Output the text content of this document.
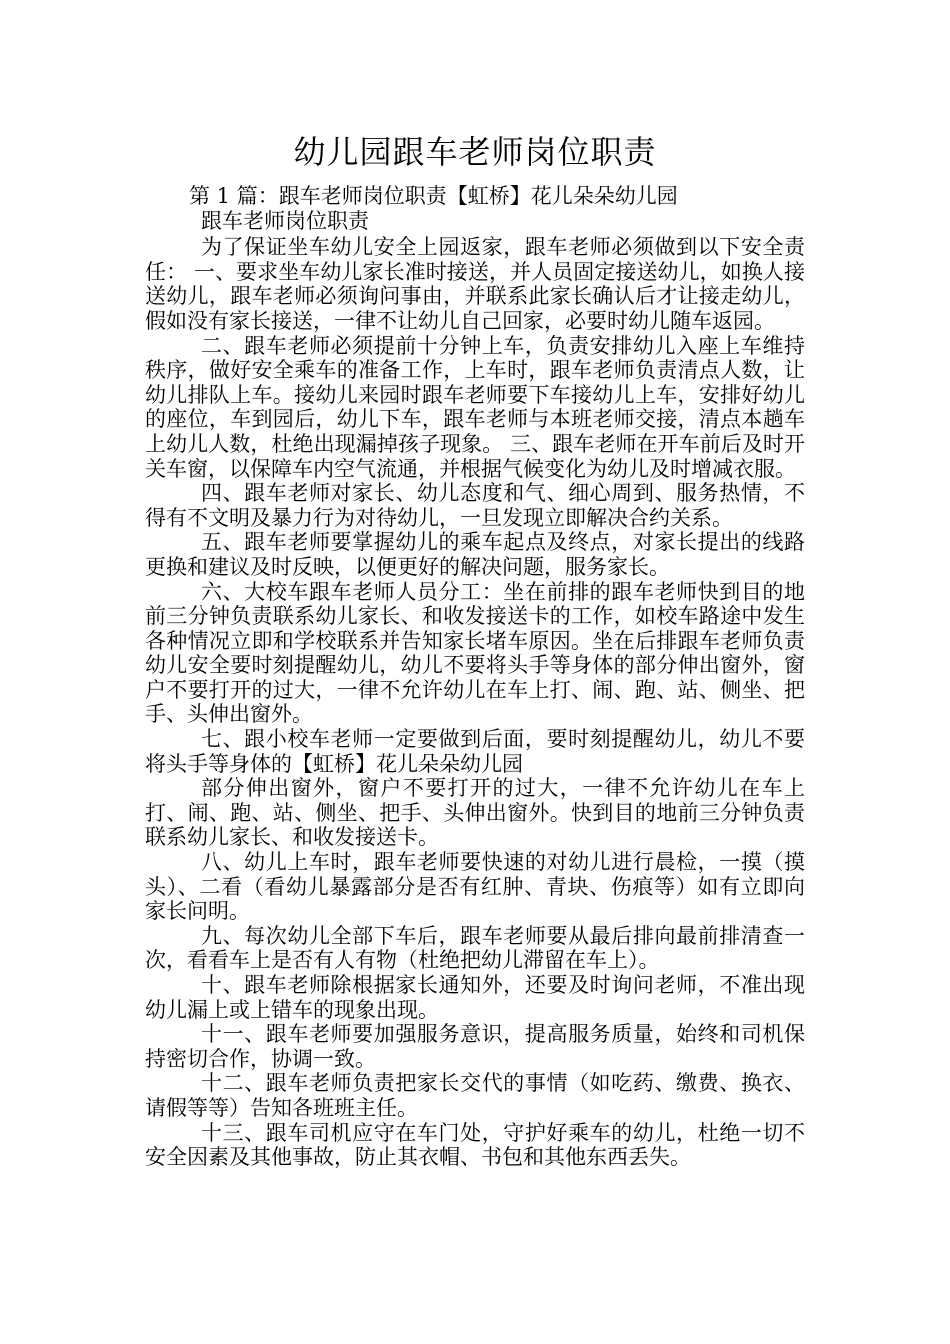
幼儿园跟车老师岗位职责
第 1 篇：跟车老师岗位职责【虹桥】花儿朵朵幼儿园
跟车老师岗位职责

为了保证坐车幼儿安全上园返家，跟车老师必须做到以下安全责任： 一、要求坐车幼儿家长准时接送，并人员固定接送幼儿，如换人接送幼儿，跟车老师必须询问事由，并联系此家长确认后才让接走幼儿，假如没有家长接送，一律不让幼儿自己回家，必要时幼儿随车返园。

二、跟车老师必须提前十分钟上车，负责安排幼儿入座上车维持秩序，做好安全乘车的准备工作，上车时，跟车老师负责清点人数，让幼儿排队上车。接幼儿来园时跟车老师要下车接幼儿上车，安排好幼儿的座位，车到园后，幼儿下车，跟车老师与本班老师交接，清点本趟车上幼儿人数，杜绝出现漏掉孩子现象。 三、跟车老师在开车前后及时开关车窗，以保障车内空气流通，并根据气候变化为幼儿及时增减衣服。

四、跟车老师对家长、幼儿态度和气、细心周到、服务热情，不得有不文明及暴力行为对待幼儿，一旦发现立即解决合约关系。

五、跟车老师要掌握幼儿的乘车起点及终点，对家长提出的线路更换和建议及时反映，以便更好的解决问题，服务家长。

六、大校车跟车老师人员分工：坐在前排的跟车老师快到目的地前三分钟负责联系幼儿家长、和收发接送卡的工作，如校车路途中发生各种情况立即和学校联系并告知家长堵车原因。坐在后排跟车老师负责幼儿安全要时刻提醒幼儿，幼儿不要将头手等身体的部分伸出窗外，窗户不要打开的过大，一律不允许幼儿在车上打、闹、跑、站、侧坐、把手、头伸出窗外。

七、跟小校车老师一定要做到后面，要时刻提醒幼儿，幼儿不要将头手等身体的【虹桥】花儿朵朵幼儿园

部分伸出窗外，窗户不要打开的过大，一律不允许幼儿在车上打、闹、跑、站、侧坐、把手、头伸出窗外。快到目的地前三分钟负责联系幼儿家长、和收发接送卡。

八、幼儿上车时，跟车老师要快速的对幼儿进行晨检，一摸（摸头）、二看（看幼儿暴露部分是否有红肿、青块、伤痕等）如有立即向家长问明。

九、每次幼儿全部下车后，跟车老师要从最后排向最前排清查一次，看看车上是否有人有物（杜绝把幼儿滞留在车上）。

十、跟车老师除根据家长通知外，还要及时询问老师，不准出现幼儿漏上或上错车的现象出现。

十一、跟车老师要加强服务意识，提高服务质量，始终和司机保持密切合作，协调一致。

十二、跟车老师负责把家长交代的事情（如吃药、缴费、换衣、请假等等）告知各班班主任。

十三、跟车司机应守在车门处，守护好乘车的幼儿，杜绝一切不安全因素及其他事故，防止其衣帽、书包和其他东西丢失。
